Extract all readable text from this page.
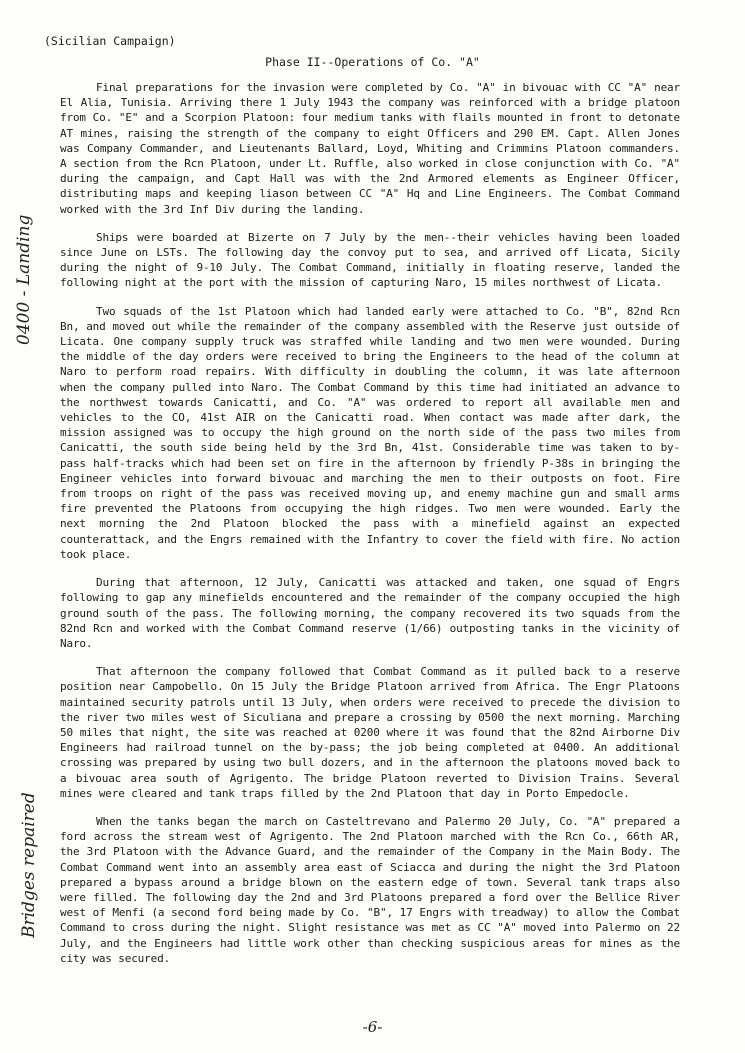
(Sicilian Campaign)
Phase II--Operations of Co. "A"

Final preparations for the invasion were completed by Co. "A" in bivouac with CC "A" near El Alia, Tunisia. Arriving there 1 July 1943 the company was reinforced with a bridge platoon from Co. "E" and a Scorpion Platoon: four medium tanks with flails mounted in front to detonate AT mines, raising the strength of the company to eight Officers and 290 EM. Capt. Allen Jones was Company Commander, and Lieutenants Ballard, Loyd, Whiting and Crimmins Platoon commanders. A section from the Rcn Platoon, under Lt. Ruffle, also worked in close conjunction with Co. "A" during the campaign, and Capt Hall was with the 2nd Armored elements as Engineer Officer, distributing maps and keeping liason between CC "A" Hq and Line Engineers. The Combat Command worked with the 3rd Inf Div during the landing.

Ships were boarded at Bizerte on 7 July by the men--their vehicles having been loaded since June on LSTs. The following day the convoy put to sea, and arrived off Licata, Sicily during the night of 9-10 July. The Combat Command, initially in floating reserve, landed the following night at the port with the mission of capturing Naro, 15 miles northwest of Licata.

Two squads of the 1st Platoon which had landed early were attached to Co. "B", 82nd Rcn Bn, and moved out while the remainder of the company assembled with the Reserve just outside of Licata. One company supply truck was straffed while landing and two men were wounded. During the middle of the day orders were received to bring the Engineers to the head of the column at Naro to perform road repairs. With difficulty in doubling the column, it was late afternoon when the company pulled into Naro. The Combat Command by this time had initiated an advance to the northwest towards Canicatti, and Co. "A" was ordered to report all available men and vehicles to the CO, 41st AIR on the Canicatti road. When contact was made after dark, the mission assigned was to occupy the high ground on the north side of the pass two miles from Canicatti, the south side being held by the 3rd Bn, 41st. Considerable time was taken to by-pass half-tracks which had been set on fire in the afternoon by friendly P-38s in bringing the Engineer vehicles into forward bivouac and marching the men to their outposts on foot. Fire from troops on right of the pass was received moving up, and enemy machine gun and small arms fire prevented the Platoons from occupying the high ridges. Two men were wounded. Early the next morning the 2nd Platoon blocked the pass with a minefield against an expected counterattack, and the Engrs remained with the Infantry to cover the field with fire. No action took place.

During that afternoon, 12 July, Canicatti was attacked and taken, one squad of Engrs following to gap any minefields encountered and the remainder of the company occupied the high ground south of the pass. The following morning, the company recovered its two squads from the 82nd Rcn and worked with the Combat Command reserve (1/66) outposting tanks in the vicinity of Naro.

That afternoon the company followed that Combat Command as it pulled back to a reserve position near Campobello. On 15 July the Bridge Platoon arrived from Africa. The Engr Platoons maintained security patrols until 13 July, when orders were received to precede the division to the river two miles west of Siculiana and prepare a crossing by 0500 the next morning. Marching 50 miles that night, the site was reached at 0200 where it was found that the 82nd Airborne Div Engineers had railroad tunnel on the by-pass; the job being completed at 0400. An additional crossing was prepared by using two bull dozers, and in the afternoon the platoons moved back to a bivouac area south of Agrigento. The bridge Platoon reverted to Division Trains. Several mines were cleared and tank traps filled by the 2nd Platoon that day in Porto Empedocle.

When the tanks began the march on Casteltrevano and Palermo 20 July, Co. "A" prepared a ford across the stream west of Agrigento. The 2nd Platoon marched with the Rcn Co., 66th AR, the 3rd Platoon with the Advance Guard, and the remainder of the Company in the Main Body. The Combat Command went into an assembly area east of Sciacca and during the night the 3rd Platoon prepared a bypass around a bridge blown on the eastern edge of town. Several tank traps also were filled. The following day the 2nd and 3rd Platoons prepared a ford over the Bellice River west of Menfi (a second ford being made by Co. "B", 17 Engrs with treadway) to allow the Combat Command to cross during the night. Slight resistance was met as CC "A" moved into Palermo on 22 July, and the Engineers had little work other than checking suspicious areas for mines as the city was secured.

0400 - Landing
Bridges repaired
-6-
